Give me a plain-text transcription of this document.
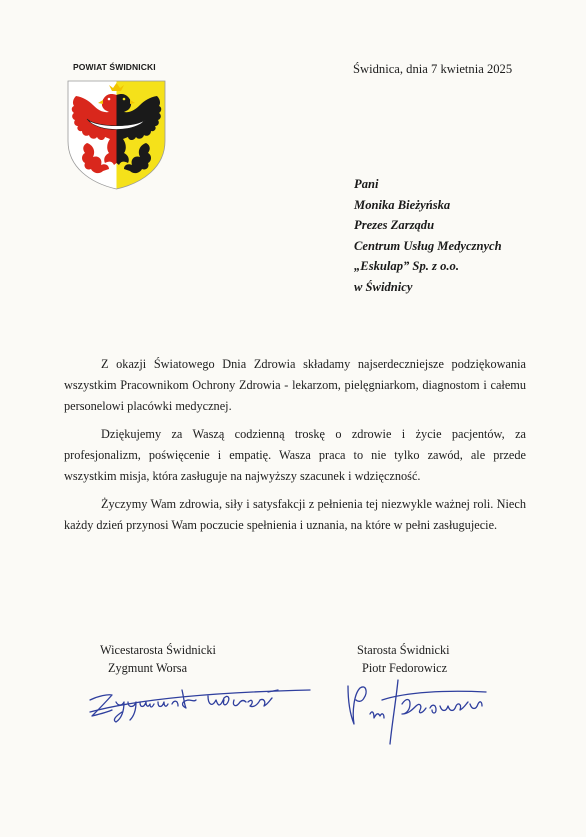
POWIAT ŚWIDNICKI	Świdnica, dnia 7 kwietnia 2025
Pani
Monika Bieżyńska
Prezes Zarządu
Centrum Usług Medycznych
„Eskulap” Sp. z o.o.
w Świdnicy

Z okazji Światowego Dnia Zdrowia składamy najserdeczniejsze podziękowania wszystkim Pracownikom Ochrony Zdrowia - lekarzom, pielęgniarkom, diagnostom i całemu personelowi placówki medycznej.

Dziękujemy za Waszą codzienną troskę o zdrowie i życie pacjentów, za profesjonalizm, poświęcenie i empatię. Wasza praca to nie tylko zawód, ale przede wszystkim misja, która zasługuje na najwyższy szacunek i wdzięczność.

Życzymy Wam zdrowia, siły i satysfakcji z pełnienia tej niezwykle ważnej roli. Niech każdy dzień przynosi Wam poczucie spełnienia i uznania, na które w pełni zasługujecie.

Wicestarosta Świdnicki
Zygmunt Worsa
Starosta Świdnicki
Piotr Fedorowicz
